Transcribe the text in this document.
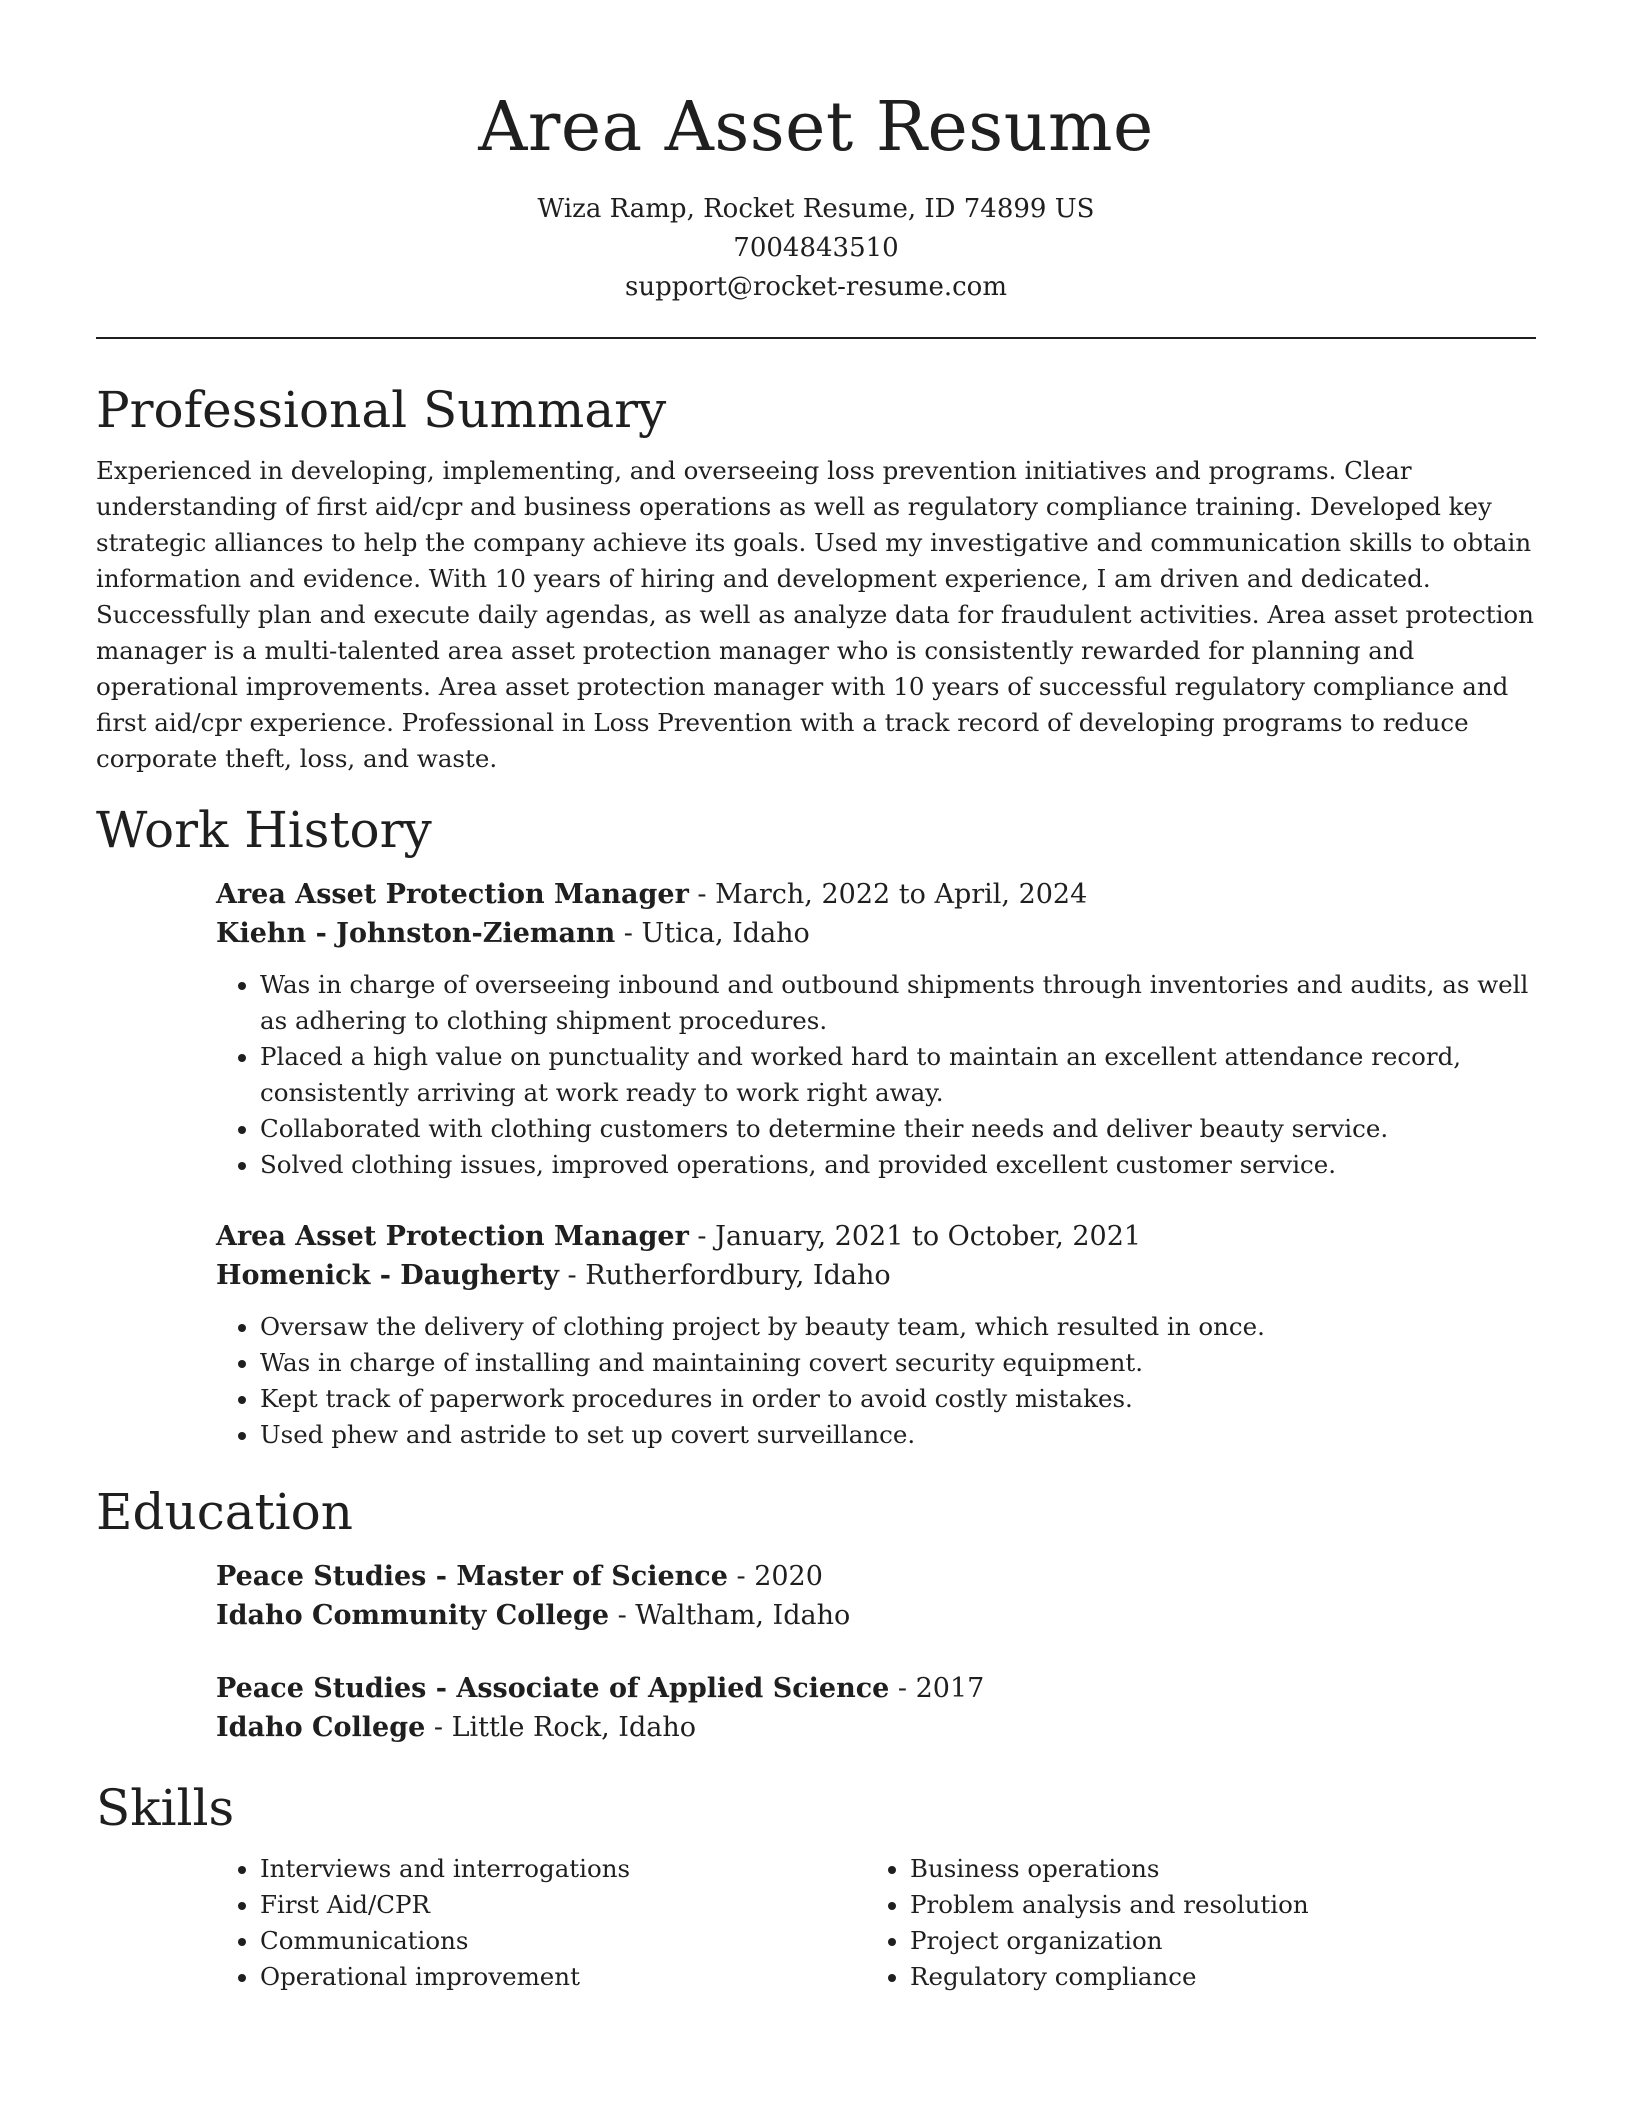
Area Asset Resume
Wiza Ramp, Rocket Resume, ID 74899 US
7004843510
support@rocket-resume.com
Professional Summary

Experienced in developing, implementing, and overseeing loss prevention initiatives and programs. Clear understanding of first aid/cpr and business operations as well as regulatory compliance training. Developed key strategic alliances to help the company achieve its goals. Used my investigative and communication skills to obtain information and evidence. With 10 years of hiring and development experience, I am driven and dedicated. Successfully plan and execute daily agendas, as well as analyze data for fraudulent activities. Area asset protection manager is a multi-talented area asset protection manager who is consistently rewarded for planning and operational improvements. Area asset protection manager with 10 years of successful regulatory compliance and first aid/cpr experience. Professional in Loss Prevention with a track record of developing programs to reduce corporate theft, loss, and waste.

Work History
Area Asset Protection Manager - March, 2022 to April, 2024
Kiehn - Johnston-Ziemann - Utica, Idaho
• Was in charge of overseeing inbound and outbound shipments through inventories and audits, as well as adhering to clothing shipment procedures.
• Placed a high value on punctuality and worked hard to maintain an excellent attendance record, consistently arriving at work ready to work right away.
• Collaborated with clothing customers to determine their needs and deliver beauty service.
• Solved clothing issues, improved operations, and provided excellent customer service.
Area Asset Protection Manager - January, 2021 to October, 2021
Homenick - Daugherty - Rutherfordbury, Idaho
• Oversaw the delivery of clothing project by beauty team, which resulted in once.
• Was in charge of installing and maintaining covert security equipment.
• Kept track of paperwork procedures in order to avoid costly mistakes.
• Used phew and astride to set up covert surveillance.
Education
Peace Studies - Master of Science - 2020
Idaho Community College - Waltham, Idaho
Peace Studies - Associate of Applied Science - 2017
Idaho College - Little Rock, Idaho
Skills
• Interviews and interrogations
• First Aid/CPR
• Communications
• Operational improvement
• Business operations
• Problem analysis and resolution
• Project organization
• Regulatory compliance
